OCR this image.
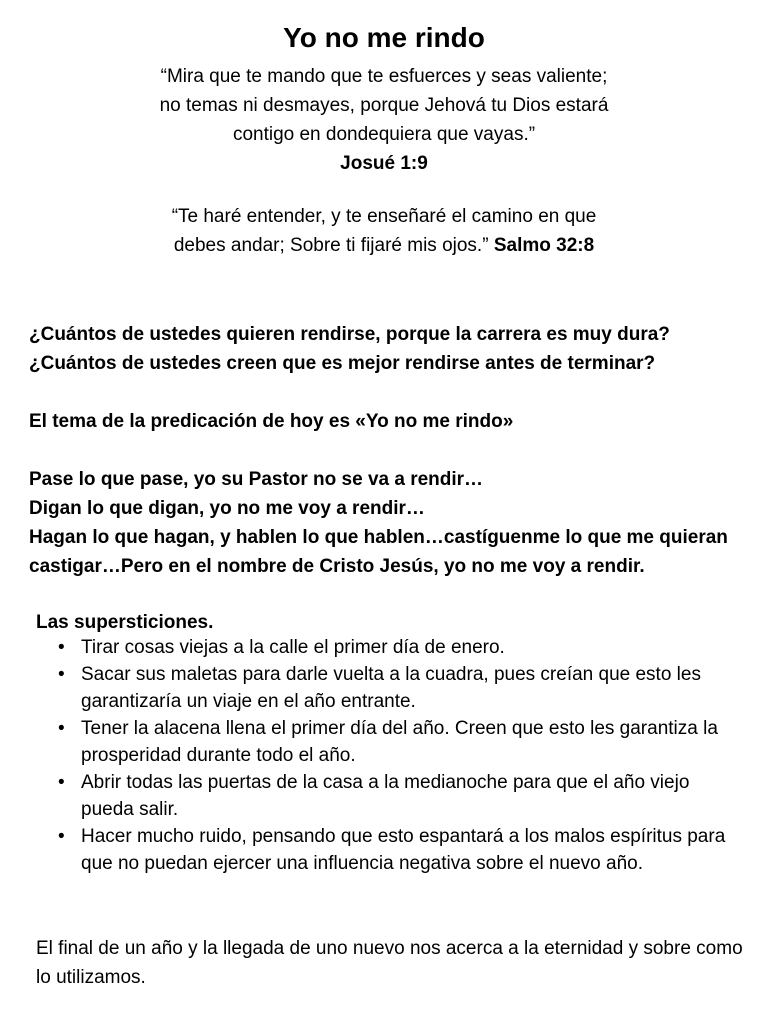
Yo no me rindo
“Mira que te mando que te esfuerces y seas valiente; no temas ni desmayes, porque Jehová tu Dios estará contigo en dondequiera que vayas.”
Josué 1:9
“Te haré entender, y te enseñaré el camino en que debes andar; Sobre ti fijaré mis ojos.” Salmo 32:8
¿Cuántos de ustedes quieren rendirse, porque la carrera es muy dura?
¿Cuántos de ustedes creen que es mejor rendirse antes de terminar?
El tema de la predicación de hoy es «Yo no me rindo»
Pase lo que pase, yo su Pastor no se va a rendir…
Digan lo que digan, yo no me voy a rendir…
Hagan lo que hagan, y hablen lo que hablen…castíguenme lo que me quieran castigar…Pero en el nombre de Cristo Jesús, yo no me voy a rendir.
Las supersticiones.
• Tirar cosas viejas a la calle el primer día de enero.
• Sacar sus maletas para darle vuelta a la cuadra, pues creían que esto les garantizaría un viaje en el año entrante.
• Tener la alacena llena el primer día del año. Creen que esto les garantiza la prosperidad durante todo el año.
• Abrir todas las puertas de la casa a la medianoche para que el año viejo pueda salir.
• Hacer mucho ruido, pensando que esto espantará a los malos espíritus para que no puedan ejercer una influencia negativa sobre el nuevo año.
El final de un año y la llegada de uno nuevo nos acerca a la eternidad y sobre como lo utilizamos.
